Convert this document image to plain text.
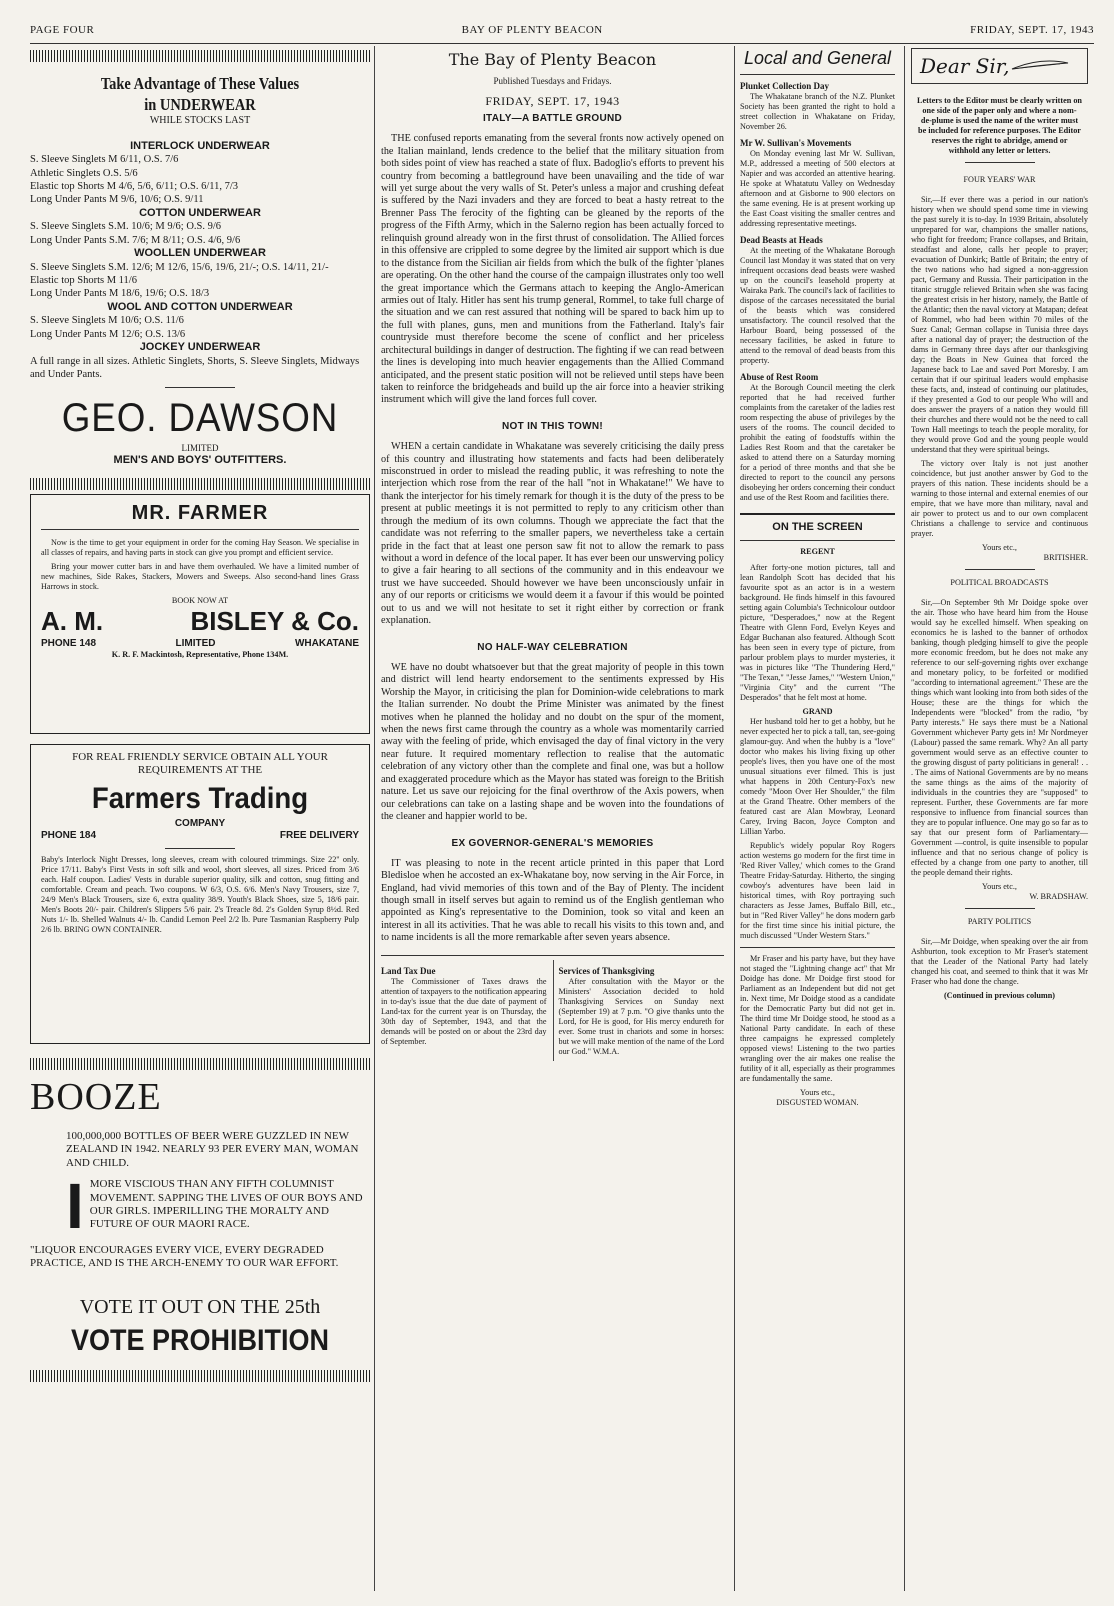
PAGE FOUR	BAY OF PLENTY BEACON	FRIDAY, SEPT. 17, 1943
Take Advantage of These Values
in UNDERWEAR
WHILE STOCKS LAST
INTERLOCK UNDERWEAR
S. Sleeve Singlets M 6/11, O.S. 7/6
Athletic Singlets O.S. 5/6
Elastic top Shorts M 4/6, 5/6, 6/11; O.S. 6/11, 7/3
Long Under Pants M 9/6, 10/6; O.S. 9/11
COTTON UNDERWEAR
S. Sleeve Singlets S.M. 10/6; M 9/6; O.S. 9/6
Long Under Pants S.M. 7/6; M 8/11; O.S. 4/6, 9/6
WOOLLEN UNDERWEAR
S. Sleeve Singlets S.M. 12/6; M 12/6, 15/6, 19/6, 21/-; O.S. 14/11, 21/-
Elastic top Shorts M 11/6
Long Under Pants M 18/6, 19/6; O.S. 18/3
WOOL AND COTTON UNDERWEAR
S. Sleeve Singlets M 10/6; O.S. 11/6
Long Under Pants M 12/6; O.S. 13/6
JOCKEY UNDERWEAR
A full range in all sizes. Athletic Singlets, Shorts, S. Sleeve Singlets, Midways and Under Pants.
GEO. DAWSON
LIMITED
MEN'S AND BOYS' OUTFITTERS.
MR. FARMER
Now is the time to get your equipment in order for the coming Hay Season. We specialise in all classes of repairs, and having parts in stock can give you prompt and efficient service.
Bring your mower cutter bars in and have them overhauled. We have a limited number of new machines, Side Rakes, Stackers, Mowers and Sweeps. Also second-hand lines Grass Harrows in stock.
BOOK NOW AT
A. M.	BISLEY & Co.
PHONE 148	LIMITED	WHAKATANE
K. R. F. Mackintosh, Representative, Phone 134M.
FOR REAL FRIENDLY SERVICE OBTAIN ALL YOUR REQUIREMENTS AT THE
Farmers Trading
COMPANY
PHONE 184	FREE DELIVERY
Baby's Interlock Night Dresses, long sleeves, cream with coloured trimmings. Size 22" only. Price 17/11. Baby's First Vests in soft silk and wool, short sleeves, all sizes. Priced from 3/6 each. Half coupon. Ladies' Vests in durable superior quality, silk and cotton, snug fitting and comfortable. Cream and peach. Two coupons. W 6/3, O.S. 6/6. Men's Navy Trousers, size 7, 24/9 Men's Black Trousers, size 6, extra quality 38/9. Youth's Black Shoes, size 5, 18/6 pair. Men's Boots 20/- pair. Children's Slippers 5/6 pair. 2's Treacle 8d. 2's Golden Syrup 8½d. Red Nuts 1/- lb. Shelled Walnuts 4/- lb. Candid Lemon Peel 2/2 lb. Pure Tasmanian Raspberry Pulp 2/6 lb. BRING OWN CONTAINER.
BOOZE
100,000,000 BOTTLES OF BEER WERE GUZZLED IN NEW ZEALAND IN 1942. NEARLY 93 PER EVERY MAN, WOMAN AND CHILD.
I MORE VISCIOUS THAN ANY FIFTH COLUMNIST MOVEMENT. SAPPING THE LIVES OF OUR BOYS AND OUR GIRLS. IMPERILLING THE MORALTY AND FUTURE OF OUR MAORI RACE.
"LIQUOR ENCOURAGES EVERY VICE, EVERY DEGRADED PRACTICE, AND IS THE ARCH-ENEMY TO OUR WAR EFFORT.
VOTE IT OUT ON THE 25th
VOTE PROHIBITION
The Bay of Plenty Beacon
Published Tuesdays and Fridays.
FRIDAY, SEPT. 17, 1943
ITALY—A BATTLE GROUND
THE confused reports emanating from the several fronts now actively opened on the Italian mainland, lends credence to the belief that the military situation from both sides point of view has reached a state of flux. Badoglio's efforts to prevent his country from becoming a battleground have been unavailing and the tide of war will yet surge about the very walls of St. Peter's unless a major and crushing defeat is suffered by the Nazi invaders and they are forced to beat a hasty retreat to the Brenner Pass The ferocity of the fighting can be gleaned by the reports of the progress of the Fifth Army, which in the Salerno region has been actually forced to relinquish ground already won in the first thrust of consolidation. The Allied forces in this offensive are crippled to some degree by the limited air support which is due to the distance from the Sicilian air fields from which the bulk of the fighter 'planes are operating. On the other hand the course of the campaign illustrates only too well the great importance which the Germans attach to keeping the Anglo-American armies out of Italy. Hitler has sent his trump general, Rommel, to take full charge of the situation and we can rest assured that nothing will be spared to back him up to the full with planes, guns, men and munitions from the Fatherland. Italy's fair countryside must therefore become the scene of conflict and her priceless architectural buildings in danger of destruction. The fighting if we can read between the lines is developing into much heavier engagements than the Allied Command anticipated, and the present static position will not be relieved until steps have been taken to reinforce the bridgeheads and build up the air force into a heavier striking instrument which will give the land forces full cover.
NOT IN THIS TOWN!
WHEN a certain candidate in Whakatane was severely criticising the daily press of this country and illustrating how statements and facts had been deliberately misconstrued in order to mislead the reading public, it was refreshing to note the interjection which rose from the rear of the hall "not in Whakatane!" We have to thank the interjector for his timely remark for though it is the duty of the press to be present at public meetings it is not permitted to reply to any criticism other than through the medium of its own columns. Though we appreciate the fact that the candidate was not referring to the smaller papers, we nevertheless take a certain pride in the fact that at least one person saw fit not to allow the remark to pass without a word in defence of the local paper. It has ever been our unswerving policy to give a fair hearing to all sections of the community and in this endeavour we trust we have succeeded. Should however we have been unconsciously unfair in any of our reports or criticisms we would deem it a favour if this would be pointed out to us and we will not hesitate to set it right either by correction or frank explanation.
NO HALF-WAY CELEBRATION
WE have no doubt whatsoever but that the great majority of people in this town and district will lend hearty endorsement to the sentiments expressed by His Worship the Mayor, in criticising the plan for Dominion-wide celebrations to mark the Italian surrender. No doubt the Prime Minister was animated by the finest motives when he planned the holiday and no doubt on the spur of the moment, when the news first came through the country as a whole was momentarily carried away with the feeling of pride, which envisaged the day of final victory in the very near future. It required momentary reflection to realise that the automatic celebration of any victory other than the complete and final one, was but a hollow and exaggerated procedure which as the Mayor has stated was foreign to the British nature. Let us save our rejoicing for the final overthrow of the Axis powers, when our celebrations can take on a lasting shape and be woven into the foundations of the cleaner and happier world to be.
EX GOVERNOR-GENERAL'S MEMORIES
IT was pleasing to note in the recent article printed in this paper that Lord Bledisloe when he accosted an ex-Whakatane boy, now serving in the Air Force, in England, had vivid memories of this town and of the Bay of Plenty. The incident though small in itself serves but again to remind us of the English gentleman who appointed as King's representative to the Dominion, took so vital and keen an interest in all its activities. That he was able to recall his visits to this town and, and to name incidents is all the more remarkable after seven years absence.
Land Tax Due
The Commissioner of Taxes draws the attention of taxpayers to the notification appearing in to-day's issue that the due date of payment of Land-tax for the current year is on Thursday, the 30th day of September, 1943, and that the demands will be posted on or about the 23rd day of September.
Services of Thanksgiving
After consultation with the Mayor or the Ministers' Association decided to hold Thanksgiving Services on Sunday next (September 19) at 7 p.m. "O give thanks unto the Lord, for He is good, for His mercy endureth for ever. Some trust in chariots and some in horses: but we will make mention of the name of the Lord our God." W.M.A.
Local and General
Plunket Collection Day
The Whakatane branch of the N.Z. Plunket Society has been granted the right to hold a street collection in Whakatane on Friday, November 26.
Mr W. Sullivan's Movements
On Monday evening last Mr W. Sullivan, M.P., addressed a meeting of 500 electors at Napier and was accorded an attentive hearing. He spoke at Whatatutu Valley on Wednesday afternoon and at Gisborne to 900 electors on the same evening. He is at present working up the East Coast visiting the smaller centres and addressing representative meetings.
Dead Beasts at Heads
At the meeting of the Whakatane Borough Council last Monday it was stated that on very infrequent occasions dead beasts were washed up on the council's leasehold property at Wairaka Park. The council's lack of facilities to dispose of the carcases necessitated the burial of the beasts which was considered unsatisfactory. The council resolved that the Harbour Board, being possessed of the necessary facilities, be asked in future to attend to the removal of dead beasts from this property.
Abuse of Rest Room
At the Borough Council meeting the clerk reported that he had received further complaints from the caretaker of the ladies rest room respecting the abuse of privileges by the users of the rooms. The council decided to prohibit the eating of foodstuffs within the Ladies Rest Room and that the caretaker be asked to attend there on a Saturday morning for a period of three months and that she be directed to report to the council any persons disobeying her orders concerning their conduct and use of the Rest Room and facilities there.
ON THE SCREEN
REGENT
After forty-one motion pictures, tall and lean Randolph Scott has decided that his favourite spot as an actor is in a western background. He finds himself in this favoured setting again Columbia's Technicolour outdoor picture, "Desperadoes," now at the Regent Theatre with Glenn Ford, Evelyn Keyes and Edgar Buchanan also featured. Although Scott has been seen in every type of picture, from parlour problem plays to murder mysteries, it was in pictures like "The Thundering Herd," "The Texan," "Jesse James," "Western Union," "Virginia City" and the current "The Desperados" that he felt most at home.
GRAND
Her husband told her to get a hobby, but he never expected her to pick a tall, tan, see-going glamour-guy. And when the hubby is a "love" doctor who makes his living fixing up other people's lives, then you have one of the most unusual situations ever filmed. This is just what happens in 20th Century-Fox's new comedy "Moon Over Her Shoulder," the film at the Grand Theatre. Other members of the featured cast are Alan Mowbray, Leonard Carey, Irving Bacon, Joyce Compton and Lillian Yarbo.
Republic's widely popular Roy Rogers action westerns go modern for the first time in 'Red River Valley,' which comes to the Grand Theatre Friday-Saturday. Hitherto, the singing cowboy's adventures have been laid in historical times, with Roy portraying such characters as Jesse James, Buffalo Bill, etc., but in "Red River Valley" he dons modern garb for the first time since his initial picture, the much discussed "Under Western Stars."
Mr Fraser and his party have, but they have not staged the "Lightning change act" that Mr Doidge has done. Mr Doidge first stood for Parliament as an Independent but did not get in. Next time, Mr Doidge stood as a candidate for the Democratic Party but did not get in. The third time Mr Doidge stood, he stood as a National Party candidate. In each of these three campaigns he expressed completely opposed views! Listening to the two parties wrangling over the air makes one realise the futility of it all, especially as their programmes are fundamentally the same.
Yours etc.,
DISGUSTED WOMAN.
Dear Sir,
Letters to the Editor must be clearly written on one side of the paper only and where a nom-de-plume is used the name of the writer must be included for reference purposes. The Editor reserves the right to abridge, amend or withhold any letter or letters.
FOUR YEARS' WAR
Sir,—If ever there was a period in our nation's history when we should spend some time in viewing the past surely it is to-day. In 1939 Britain, absolutely unprepared for war, champions the smaller nations, who fight for freedom; France collapses, and Britain, steadfast and alone, calls her people to prayer; evacuation of Dunkirk; Battle of Britain; the entry of the two nations who had signed a non-aggression pact, Germany and Russia. Their participation in the titanic struggle relieved Britain when she was facing the greatest crisis in her history, namely, the Battle of the Atlantic; then the naval victory at Matapan; defeat of Rommel, who had been within 70 miles of the Suez Canal; German collapse in Tunisia three days after a national day of prayer; the destruction of the dams in Germany three days after our thanksgiving day; the Boats in New Guinea that forced the Japanese back to Lae and saved Port Moresby. I am certain that if our spiritual leaders would emphasise these facts, and, instead of continuing our platitudes, if they presented a God to our people Who will and does answer the prayers of a nation they would fill their churches and there would not be the need to call Town Hall meetings to teach the people morality, for they would prove God and the young people would understand that they were spiritual beings.
The victory over Italy is not just another coincidence, but just another answer by God to the prayers of this nation. These incidents should be a warning to those internal and external enemies of our empire, that we have more than military, naval and air power to protect us and to our own complacent Christians a challenge to service and continuous prayer.
Yours etc.,
BRITISHER.
POLITICAL BROADCASTS
Sir,—On September 9th Mr Doidge spoke over the air. Those who have heard him from the House would say he excelled himself. When speaking on economics he is lashed to the banner of orthodox banking, though pledging himself to give the people more economic freedom, but he does not make any reference to our self-governing rights over exchange and monetary policy, to be forfeited or modified "according to international agreement." These are the things which want looking into from both sides of the House; these are the things for which the Independents were "blocked" from the radio, "by Party interests." He says there must be a National Government whichever Party gets in! Mr Nordmeyer (Labour) passed the same remark. Why? An all party government would serve as an effective counter to the growing disgust of party politicians in general! . . . The aims of National Governments are by no means the same things as the aims of the majority of individuals in the countries they are "supposed" to represent. Further, these Governments are far more responsive to influence from financial sources than they are to popular influence. One may go so far as to say that our present form of Parliamentary—Government —control, is quite insensible to popular influence and that no serious change of policy is effected by a change from one party to another, till the people demand their rights.
Yours etc.,
W. BRADSHAW.
PARTY POLITICS
Sir,—Mr Doidge, when speaking over the air from Ashburton, took exception to Mr Fraser's statement that the Leader of the National Party had lately changed his coat, and seemed to think that it was Mr Fraser who had done the change.
(Continued in previous column)
